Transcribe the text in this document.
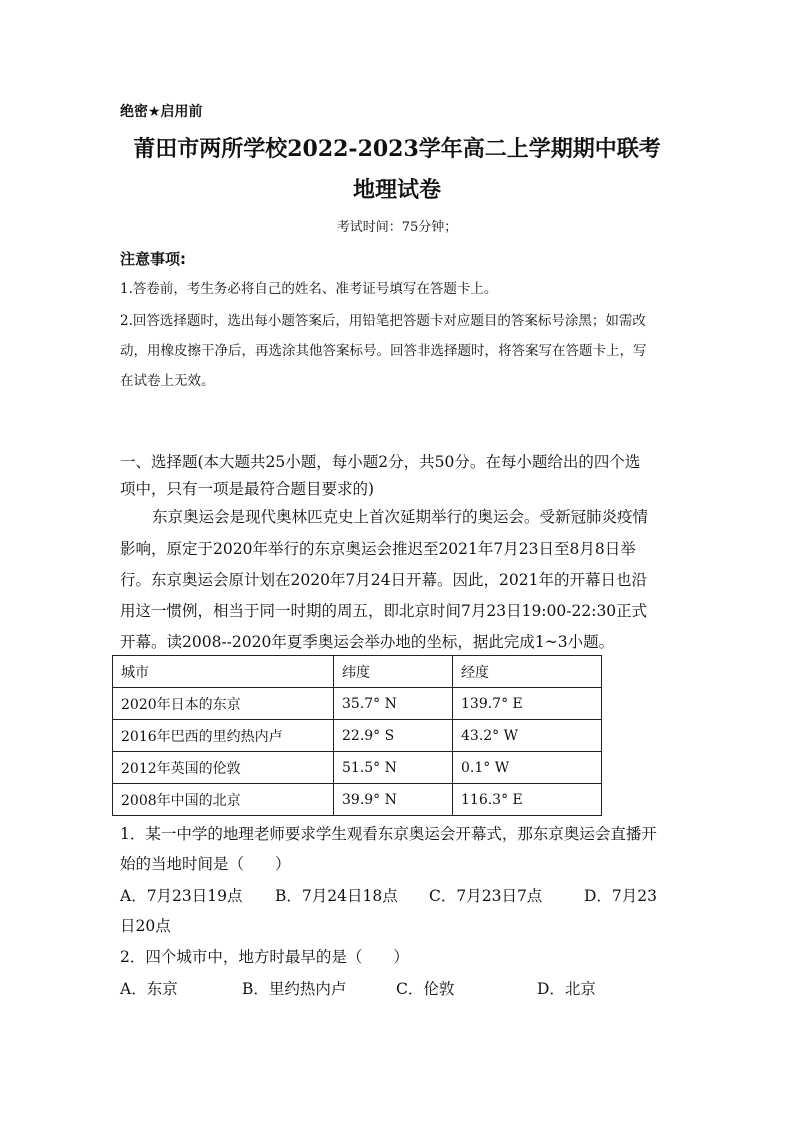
绝密★启用前
莆田市两所学校2022-2023学年高二上学期期中联考
地理试卷
考试时间：75分钟；
注意事项:
1.答卷前，考生务必将自己的姓名、准考证号填写在答题卡上。
2.回答选择题时，选出每小题答案后，用铅笔把答题卡对应题目的答案标号涂黑；如需改
动，用橡皮擦干净后，再选涂其他答案标号。回答非选择题时，将答案写在答题卡上，写
在试卷上无效。
一、选择题(本大题共25小题，每小题2分，共50分。在每小题给出的四个选
项中，只有一项是最符合题目要求的)
东京奥运会是现代奥林匹克史上首次延期举行的奥运会。受新冠肺炎疫情
影响，原定于2020年举行的东京奥运会推迟至2021年7月23日至8月8日举
行。东京奥运会原计划在2020年7月24日开幕。因此，2021年的开幕日也沿
用这一惯例，相当于同一时期的周五，即北京时间7月23日19:00-22:30正式
开幕。读2008--2020年夏季奥运会举办地的坐标，据此完成1~3小题。
城市	纬度	经度
2020年日本的东京	35.7° N	139.7° E
2016年巴西的里约热内卢	22.9° S	43.2° W
2012年英国的伦敦	51.5° N	0.1° W
2008年中国的北京	39.9° N	116.3° E
1．某一中学的地理老师要求学生观看东京奥运会开幕式，那东京奥运会直播开
始的当地时间是（　　）
A．7月23日19点 B．7月24日18点 C．7月23日7点	D．7月23
日20点
2．四个城市中，地方时最早的是（　　）
A．东京	B．里约热内卢	C．伦敦	D．北京
